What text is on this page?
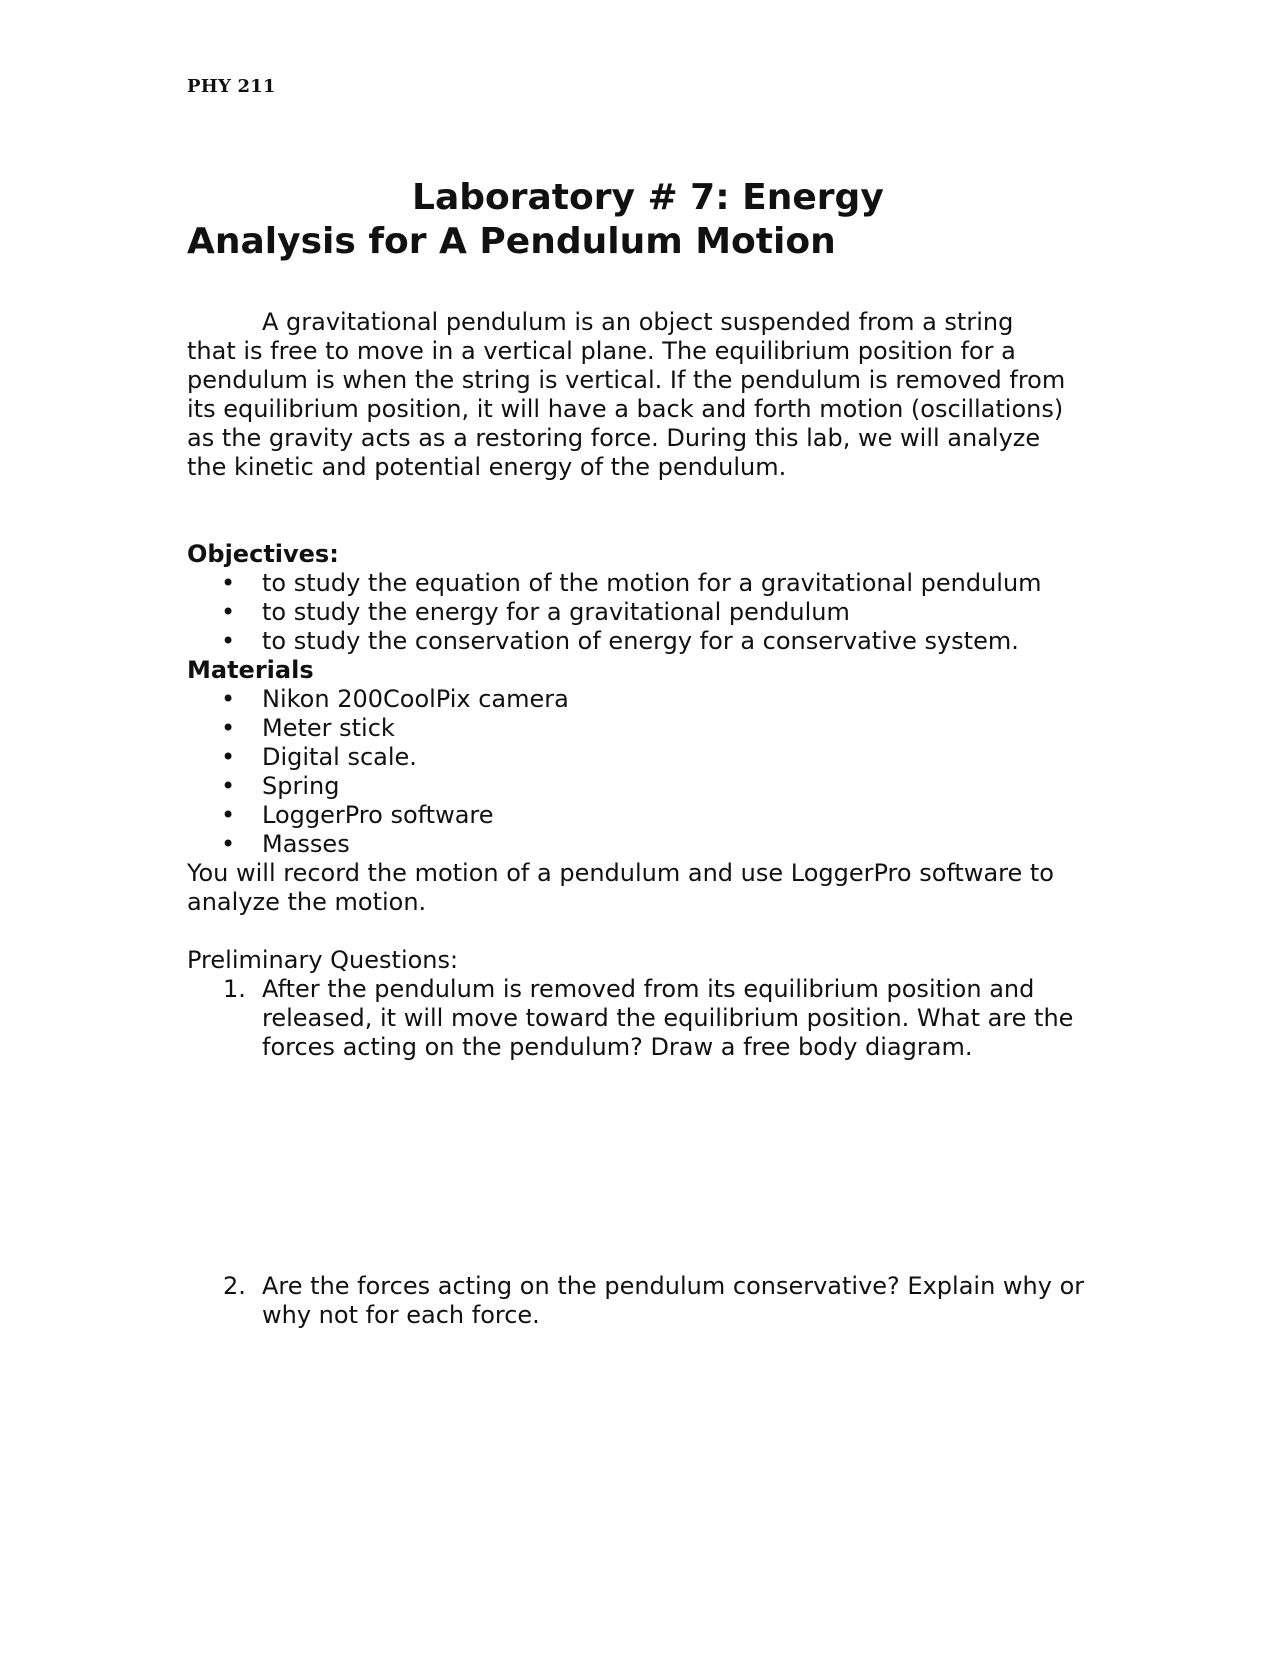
PHY 211
Laboratory # 7: Energy
Analysis for A Pendulum Motion

A gravitational pendulum is an object suspended from a string that is free to move in a vertical plane. The equilibrium position for a pendulum is when the string is vertical. If the pendulum is removed from its equilibrium position, it will have a back and forth motion (oscillations) as the gravity acts as a restoring force. During this lab, we will analyze the kinetic and potential energy of the pendulum.

Objectives:

• to study the equation of the motion for a gravitational pendulum
• to study the energy for a gravitational pendulum
• to study the conservation of energy for a conservative system.

Materials

• Nikon 200CoolPix camera
• Meter stick
• Digital scale.
• Spring
• LoggerPro software
• Masses

You will record the motion of a pendulum and use LoggerPro software to analyze the motion.

Preliminary Questions:

1. After the pendulum is removed from its equilibrium position and released, it will move toward the equilibrium position. What are the forces acting on the pendulum? Draw a free body diagram.
2. Are the forces acting on the pendulum conservative? Explain why or why not for each force.
